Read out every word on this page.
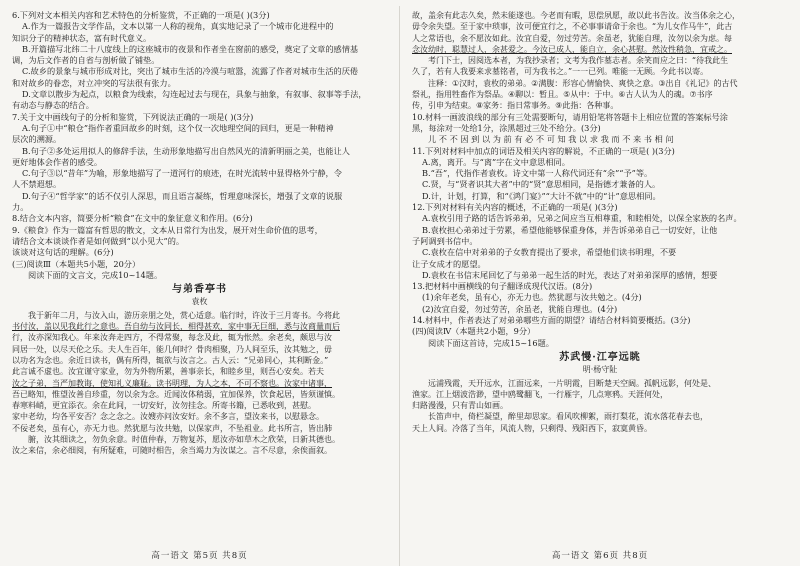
6.下列对文本相关内容和艺术特色的分析鉴赏，不正确的一项是( )(3分)
A.作为一篇报告文学作品，文本以第一人称的视角，真实地记录了一个城市化进程中的
知识分子的精神状态，富有时代意义。
B.开篇描写北纬二十八度线上的这座城市的夜景和作者坐在窗前的感受，奠定了文章的感情基
调，为后文作者的自省与剖析做了铺垫。
C.故乡的景象与城市形成对比，突出了城市生活的冷漠与喧嚣，流露了作者对城市生活的厌倦
和对故乡的眷恋，对立冲突的写法很有张力。
D.文章以散步为起点，以粮食为线索，勾连起过去与现在，具象与抽象，有叙事、叙事等手法，
有动态与静态的结合。
7.关于文中画线句子的分析和鉴赏，下列说法正确的一项是( )(3分)
A.句子①中“粮仓”指作者重回故乡的时刻，这个仅一次地理空间的回归，更是一种精神
层次的溯源。
B.句子②多处运用拟人的修辞手法，生动形象地描写出自然风光的清新明丽之美，也能让人
更好地体会作者的感受。
C.句子③以“昔年”为喻，形象地描写了一道河行的痕迹，在时光流转中显得格外宁静，令
人不禁遐想。
D.句子④“哲学家”的话不仅引人深思，而且语言凝练，哲理意味深长，增强了文章的说服
力。
8.结合文本内容，简要分析“粮食”在文中的象征意义和作用。(6分)
9.《粮食》作为一篇富有哲思的散文，文本从日常行为出发，展开对生命价值的思考，
请结合文本谈谈作者是如何做到“以小见大”的。
该谈对这句话的理解。(6分)
(三)阅读Ⅲ（本题共5小题，20分）
阅读下面的文言文，完成10~14题。
与弟香亭书
袁枚
我于新年二月，与汝入山，游历亲朋之处，赏心适意。临行时，许汝于三月寄书。今将此
书付汝，盖以见我此行之意也。吾自幼与汝同长，相得甚欢，家中事无巨细，悉与汝商量而后
行，汝亦深知我心。年来汝奔走四方，不得常聚，每念及此，辄为怅然。余老矣，颇思与汝
同居一处，以尽天伦之乐。夫人生百年，能几何时？骨肉相聚，乃人间至乐，汝其勉之，毋
以功名为念也。余近日读书，偶有所得，辄欲与汝言之。古人云：“兄弟同心，其利断金。”
此言诚不虚也。汝宜谨守家业，勿为外物所累，善事亲长，和睦乡里，则吾心安矣。若夫
汝之子弟，当严加教诲，使知礼义廉耻。读书明理，为人之本，不可不察也。汝家中诸事，
吾已略知，惟望汝善自珍重，勿以余为念。近闻汝体稍弱，宜加保养，饮食起居，皆须谨慎。
春寒料峭，更宜添衣。余在此间，一切安好，汝勿挂念。所寄书籍，已悉收到，甚慰。
家中老幼，均各平安否？念之念之。汝嫂亦问汝安好。余不多言，望汝来书，以慰悬念。
不佞老矣，虽有心，亦无力也。然犹愿与汝共勉，以保家声，不坠祖业。此书所言，皆出肺
腑，汝其细读之，勿负余意。时值仲春，万物复苏，愿汝亦如草木之欣荣，日新其德也。
汝之来信，余必细阅，有所疑难，可随时相告，余当竭力为汝谋之。言不尽意，余俟面叙。
高一语文 第5页 共8页
故，盖余有此志久矣，然未能遂也。今老而有暇，思偿夙愿，故以此书告汝。汝当体余之心，
毋令余失望。至于家中琐事，汝可便宜行之，不必事事请命于余也。“为儿女作马牛”，此古
人之常语也，余不愿汝如此。汝宜自爱，勿过劳苦。余虽老，犹能自理，汝勿以余为虑。每
念汝幼时，聪慧过人，余甚爱之。今汝已成人，能自立，余心甚慰。然汝性稍急，宜戒之。
考门下士，因阅选本者，为我抄录者；文考为我作墓志者。余笑而应之曰：“待我此生
久了，若有人我要来求墓铭者，可为我书之。”一一已列。唯能一无顾。今此书以寄。
注释：①汉时，袁枚的弟弟。②满腹：形容心情愉快、爽快之意。③出自《礼记》的古代
祭礼，指用牲畜作为祭品。④聊以：暂且。⑤从中：于中。⑥古人认为人的魂。⑦书序
传，引申为结束。⑧家务：指日常事务。⑨此指：各种事。
10.材料一画波浪线的部分有三处需要断句，请用铅笔将答题卡上相应位置的答案标号涂
黑，每涂对一处给1分，涂黑超过三处不给分。(3分)
儿 不 不 因 到 以 为 前 有 必 不 可 知 我 以 求 我 而 不 来 书 相 问
11.下列对材料中加点的词语及相关内容的解说，不正确的一项是( )(3分)
A.离，离开。与“离”字在文中意思相同。
B.“吾”，代指作者袁枚。诗文中第一人称代词还有“余”“予”等。
C.贤，与“贤者识其大者”中的“贤”意思相同，是指德才兼备的人。
D.计，计划，打算，和“《鸿门宴》”“大计不就”中的“计”意思相同。
12.下列对材料有关内容的概述，不正确的一项是( )(3分)
A.袁枚引用子路的话告诉弟弟，兄弟之间应当互相尊重，和睦相处，以保全家族的名声。
B.袁枚担心弟弟过于劳累，希望他能够保重身体，并告诉弟弟自己一切安好，让他
子阿调到书信中。
C.袁枚在信中对弟弟的子女教育提出了要求，希望他们读书明理，不要
让子女成才的愿望。
D.袁枚在书信末尾回忆了与弟弟一起生活的时光，表达了对弟弟深厚的感情，想要
13.把材料中画横线的句子翻译成现代汉语。(8分)
(1)余年老矣，虽有心，亦无力也。然犹愿与汝共勉之。(4分)
(2)汝宜自爱，勿过劳苦，余虽老，犹能自理也。(4分)
14.材料中，作者表达了对弟弟哪些方面的期望？请结合材料简要概括。(3分)
(四)阅读Ⅳ（本题共2小题，9分）
阅读下面这首诗，完成15~16题。
苏武慢·江亭远眺
明·杨守阯
远浦残霞，天开远水，江面远来，一片明霞，目断楚天空阔。孤帆远影，何处是、
渔家。江上烟波浩渺，望中鸥鹭翻飞，一行雁字，几点寒鸦。天涯何处，
归路漫漫，只有青山如画。
长笛声中，倚栏凝望，醉里却思家。看风吹柳絮，雨打梨花，流水落花春去也，
天上人间。冷落了当年，风流人物，只剩得、残阳西下，寂寞黄昏。
高一语文 第6页 共8页
